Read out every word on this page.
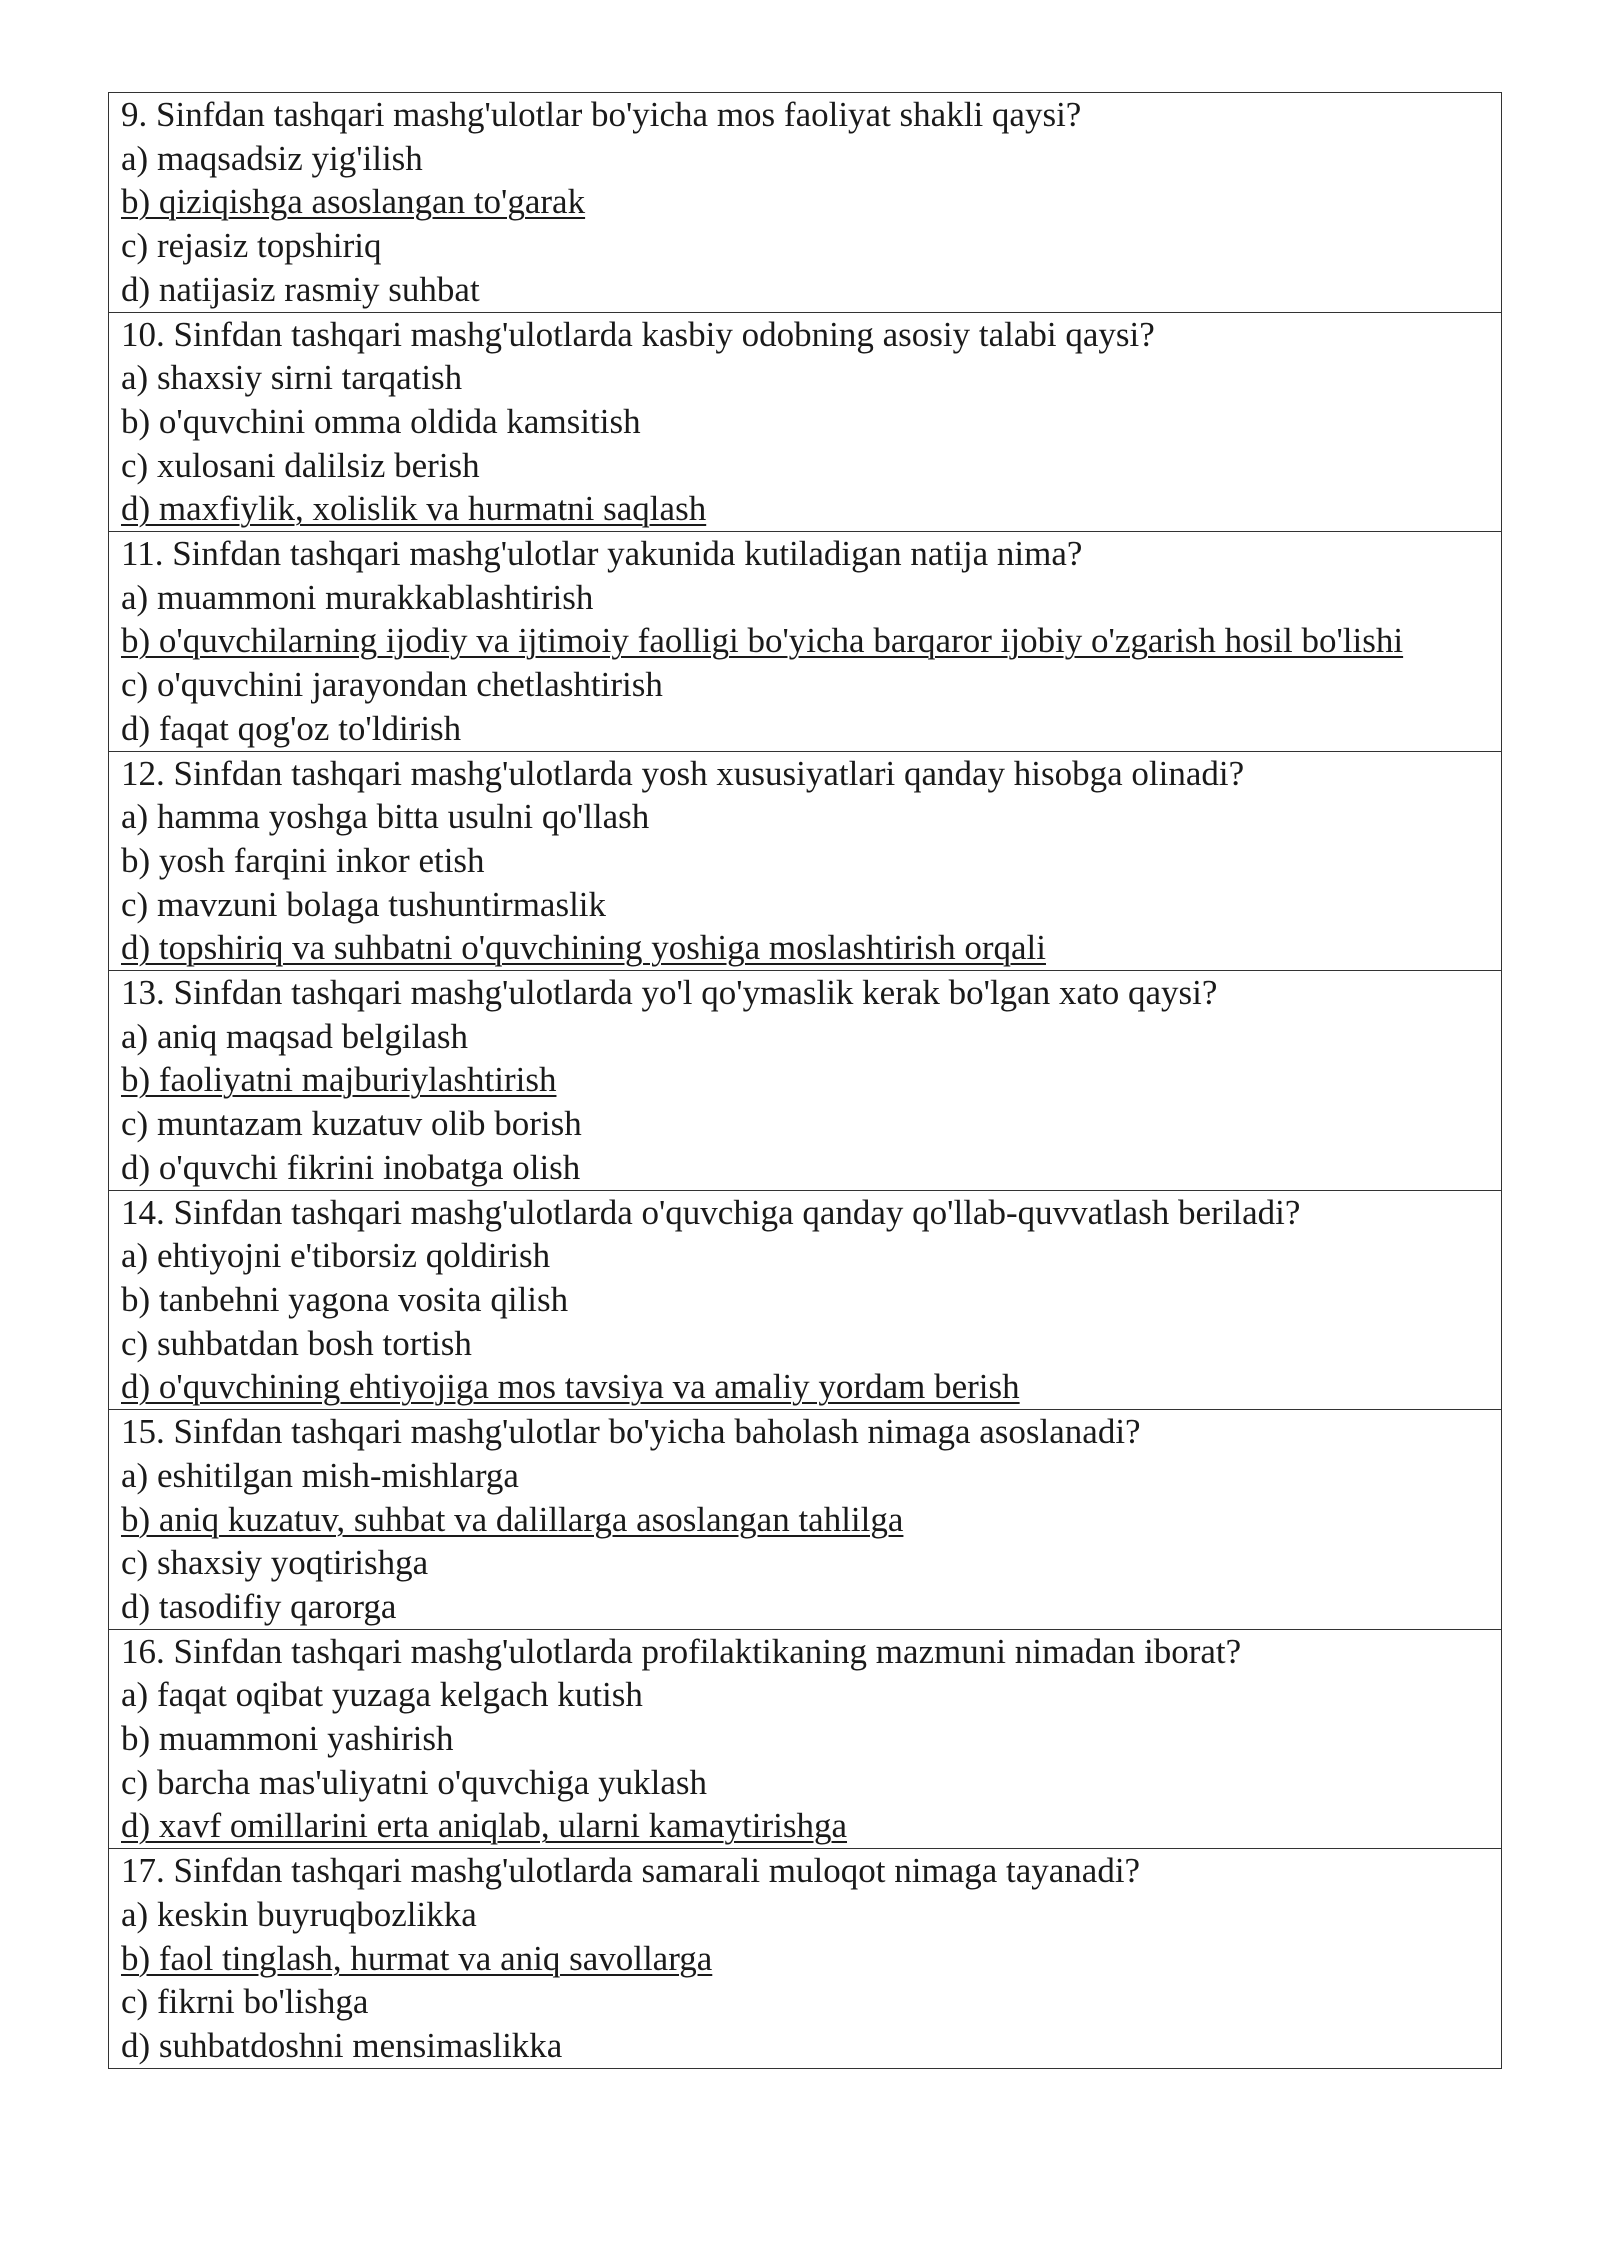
9. Sinfdan tashqari mashg'ulotlar bo'yicha mos faoliyat shakli qaysi?
a) maqsadsiz yig'ilish
b) qiziqishga asoslangan to'garak
c) rejasiz topshiriq
d) natijasiz rasmiy suhbat

10. Sinfdan tashqari mashg'ulotlarda kasbiy odobning asosiy talabi qaysi?
a) shaxsiy sirni tarqatish
b) o'quvchini omma oldida kamsitish
c) xulosani dalilsiz berish
d) maxfiylik, xolislik va hurmatni saqlash

11. Sinfdan tashqari mashg'ulotlar yakunida kutiladigan natija nima?
a) muammoni murakkablashtirish
b) o'quvchilarning ijodiy va ijtimoiy faolligi bo'yicha barqaror ijobiy o'zgarish hosil bo'lishi
c) o'quvchini jarayondan chetlashtirish
d) faqat qog'oz to'ldirish

12. Sinfdan tashqari mashg'ulotlarda yosh xususiyatlari qanday hisobga olinadi?
a) hamma yoshga bitta usulni qo'llash
b) yosh farqini inkor etish
c) mavzuni bolaga tushuntirmaslik
d) topshiriq va suhbatni o'quvchining yoshiga moslashtirish orqali

13. Sinfdan tashqari mashg'ulotlarda yo'l qo'ymaslik kerak bo'lgan xato qaysi?
a) aniq maqsad belgilash
b) faoliyatni majburiylashtirish
c) muntazam kuzatuv olib borish
d) o'quvchi fikrini inobatga olish

14. Sinfdan tashqari mashg'ulotlarda o'quvchiga qanday qo'llab-quvvatlash beriladi?
a) ehtiyojni e'tiborsiz qoldirish
b) tanbehni yagona vosita qilish
c) suhbatdan bosh tortish
d) o'quvchining ehtiyojiga mos tavsiya va amaliy yordam berish

15. Sinfdan tashqari mashg'ulotlar bo'yicha baholash nimaga asoslanadi?
a) eshitilgan mish-mishlarga
b) aniq kuzatuv, suhbat va dalillarga asoslangan tahlilga
c) shaxsiy yoqtirishga
d) tasodifiy qarorga

16. Sinfdan tashqari mashg'ulotlarda profilaktikaning mazmuni nimadan iborat?
a) faqat oqibat yuzaga kelgach kutish
b) muammoni yashirish
c) barcha mas'uliyatni o'quvchiga yuklash
d) xavf omillarini erta aniqlab, ularni kamaytirishga

17. Sinfdan tashqari mashg'ulotlarda samarali muloqot nimaga tayanadi?
a) keskin buyruqbozlikka
b) faol tinglash, hurmat va aniq savollarga
c) fikrni bo'lishga
d) suhbatdoshni mensimaslikka
